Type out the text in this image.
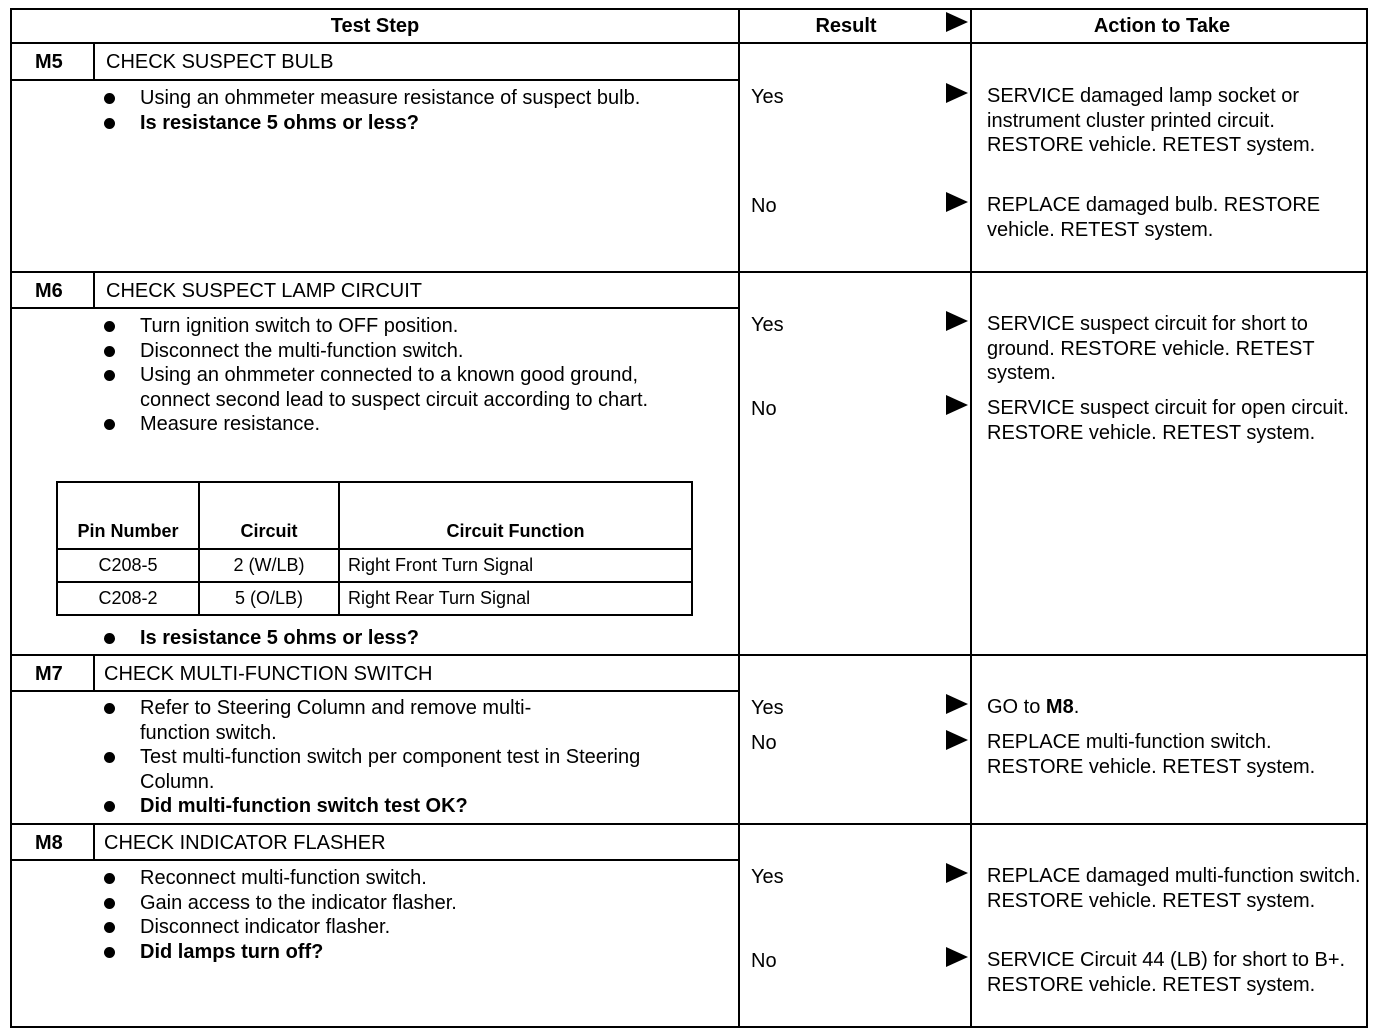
Test Step	Result	Action to Take
M5 CHECK SUSPECT BULB
Using an ohmmeter measure resistance of suspect bulb.
Is resistance 5 ohms or less?
Yes	SERVICE damaged lamp socket or instrument cluster printed circuit. RESTORE vehicle. RETEST system.
No	REPLACE damaged bulb. RESTORE vehicle. RETEST system.
M6 CHECK SUSPECT LAMP CIRCUIT
Turn ignition switch to OFF position.
Disconnect the multi-function switch.
Using an ohmmeter connected to a known good ground, connect second lead to suspect circuit according to chart.
Measure resistance.
Pin Number	Circuit	Circuit Function
C208-5	2 (W/LB)	Right Front Turn Signal
C208-2	5 (O/LB)	Right Rear Turn Signal
Is resistance 5 ohms or less?
Yes	SERVICE suspect circuit for short to ground. RESTORE vehicle. RETEST system.
No	SERVICE suspect circuit for open circuit. RESTORE vehicle. RETEST system.
M7 CHECK MULTI-FUNCTION SWITCH
Refer to Steering Column and remove multi-function switch.
Test multi-function switch per component test in Steering Column.
Did multi-function switch test OK?
Yes	GO to M8.
No	REPLACE multi-function switch. RESTORE vehicle. RETEST system.
M8 CHECK INDICATOR FLASHER
Reconnect multi-function switch.
Gain access to the indicator flasher.
Disconnect indicator flasher.
Did lamps turn off?
Yes	REPLACE damaged multi-function switch. RESTORE vehicle. RETEST system.
No	SERVICE Circuit 44 (LB) for short to B+. RESTORE vehicle. RETEST system.
